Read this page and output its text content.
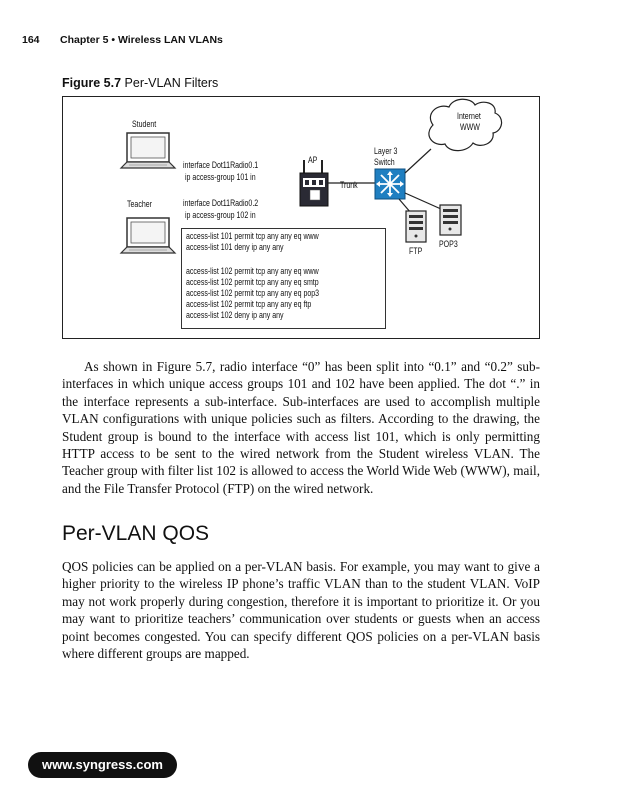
164 Chapter 5 • Wireless LAN VLANs
Figure 5.7 Per-VLAN Filters
Student
Teacher
interface Dot11Radio0.1
ip access-group 101 in
interface Dot11Radio0.2
ip access-group 102 in
AP
Trunk
Layer 3
Switch
Internet
WWW
FTP
POP3
access-list 101 permit tcp any any eq www
access-list 101 deny ip any any
access-list 102 permit tcp any any eq www
access-list 102 permit tcp any any eq smtp
access-list 102 permit tcp any any eq pop3
access-list 102 permit tcp any any eq ftp
access-list 102 deny ip any any

As shown in Figure 5.7, radio interface “0” has been split into “0.1” and “0.2” sub-interfaces in which unique access groups 101 and 102 have been applied. The dot “.” in the interface represents a sub-interface. Sub-interfaces are used to accomplish multiple VLAN configurations with unique policies such as filters. According to the drawing, the Student group is bound to the interface with access list 101, which is only permitting HTTP access to be sent to the wired network from the Student wireless VLAN. The Teacher group with filter list 102 is allowed to access the World Wide Web (WWW), mail, and the File Transfer Protocol (FTP) on the wired network.

Per-VLAN QOS

QOS policies can be applied on a per-VLAN basis. For example, you may want to give a higher priority to the wireless IP phone’s traffic VLAN than to the student VLAN. VoIP may not work properly during congestion, therefore it is important to prioritize it. Or you may want to prioritize teachers’ communication over students or guests when an access point becomes congested. You can specify different QOS policies on a per-VLAN basis where different groups are mapped.

www.syngress.com
